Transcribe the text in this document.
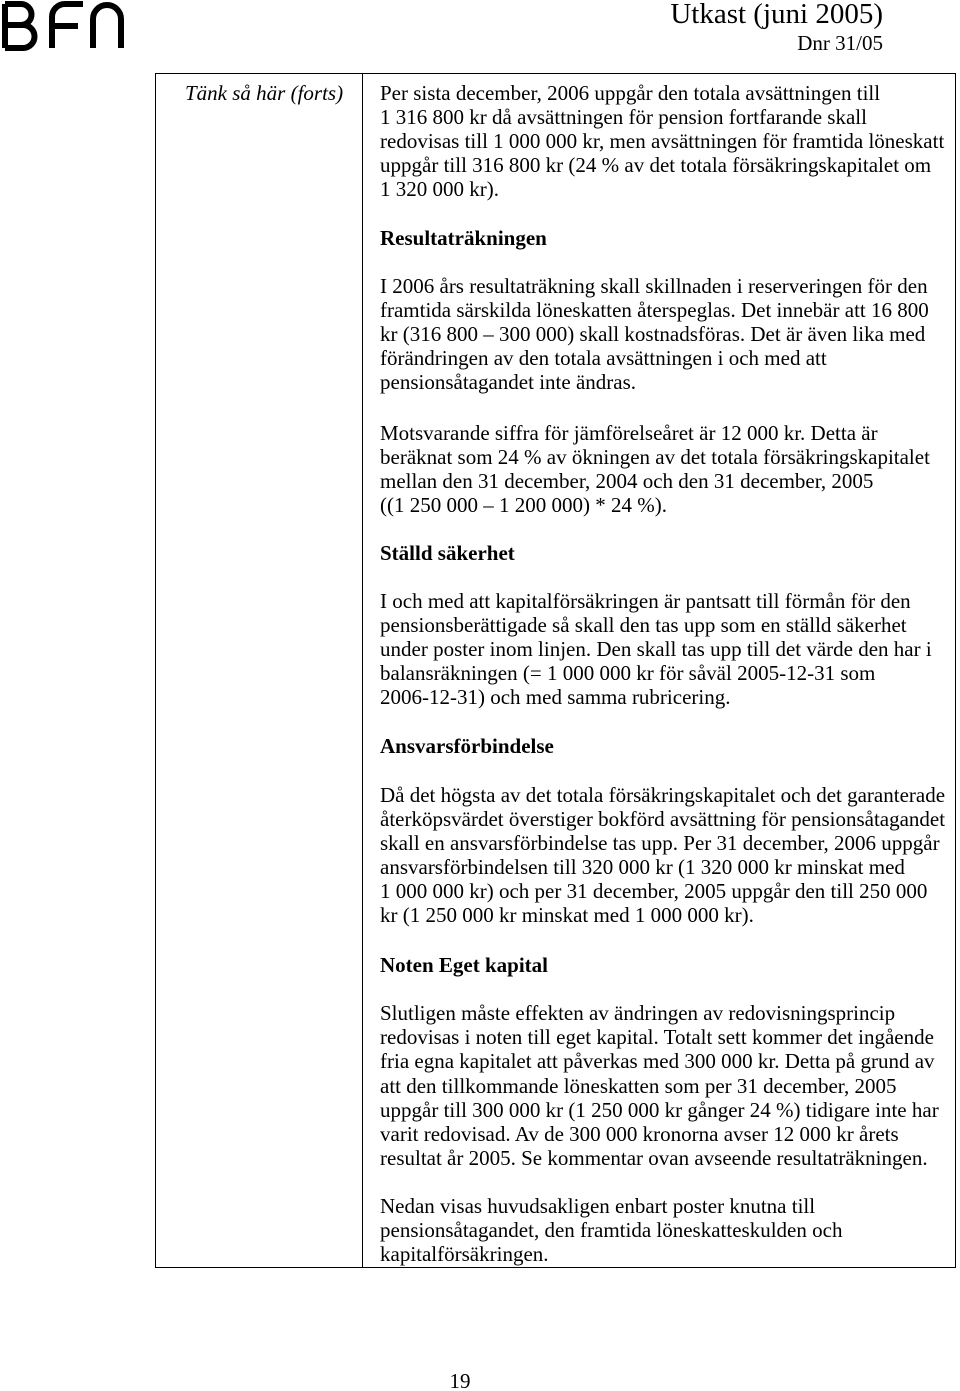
Utkast (juni 2005)
Dnr 31/05
Tänk så här (forts) Per sista december, 2006 uppgår den totala avsättningen till
1 316 800 kr då avsättningen för pension fortfarande skall
redovisas till 1 000 000 kr, men avsättningen för framtida löneskatt
uppgår till 316 800 kr (24 % av det totala försäkringskapitalet om
1 320 000 kr).
Resultaträkningen
I 2006 års resultaträkning skall skillnaden i reserveringen för den
framtida särskilda löneskatten återspeglas. Det innebär att 16 800
kr (316 800 – 300 000) skall kostnadsföras. Det är även lika med
förändringen av den totala avsättningen i och med att
pensionsåtagandet inte ändras.
Motsvarande siffra för jämförelseåret är 12 000 kr. Detta är
beräknat som 24 % av ökningen av det totala försäkringskapitalet
mellan den 31 december, 2004 och den 31 december, 2005
((1 250 000 – 1 200 000) * 24 %).
Ställd säkerhet
I och med att kapitalförsäkringen är pantsatt till förmån för den
pensionsberättigade så skall den tas upp som en ställd säkerhet
under poster inom linjen. Den skall tas upp till det värde den har i
balansräkningen (= 1 000 000 kr för såväl 2005-12-31 som
2006-12-31) och med samma rubricering.
Ansvarsförbindelse
Då det högsta av det totala försäkringskapitalet och det garanterade
återköpsvärdet överstiger bokförd avsättning för pensionsåtagandet
skall en ansvarsförbindelse tas upp. Per 31 december, 2006 uppgår
ansvarsförbindelsen till 320 000 kr (1 320 000 kr minskat med
1 000 000 kr) och per 31 december, 2005 uppgår den till 250 000
kr (1 250 000 kr minskat med 1 000 000 kr).
Noten Eget kapital
Slutligen måste effekten av ändringen av redovisningsprincip
redovisas i noten till eget kapital. Totalt sett kommer det ingående
fria egna kapitalet att påverkas med 300 000 kr. Detta på grund av
att den tillkommande löneskatten som per 31 december, 2005
uppgår till 300 000 kr (1 250 000 kr gånger 24 %) tidigare inte har
varit redovisad. Av de 300 000 kronorna avser 12 000 kr årets
resultat år 2005. Se kommentar ovan avseende resultaträkningen.
Nedan visas huvudsakligen enbart poster knutna till
pensionsåtagandet, den framtida löneskatteskulden och
kapitalförsäkringen.
19
